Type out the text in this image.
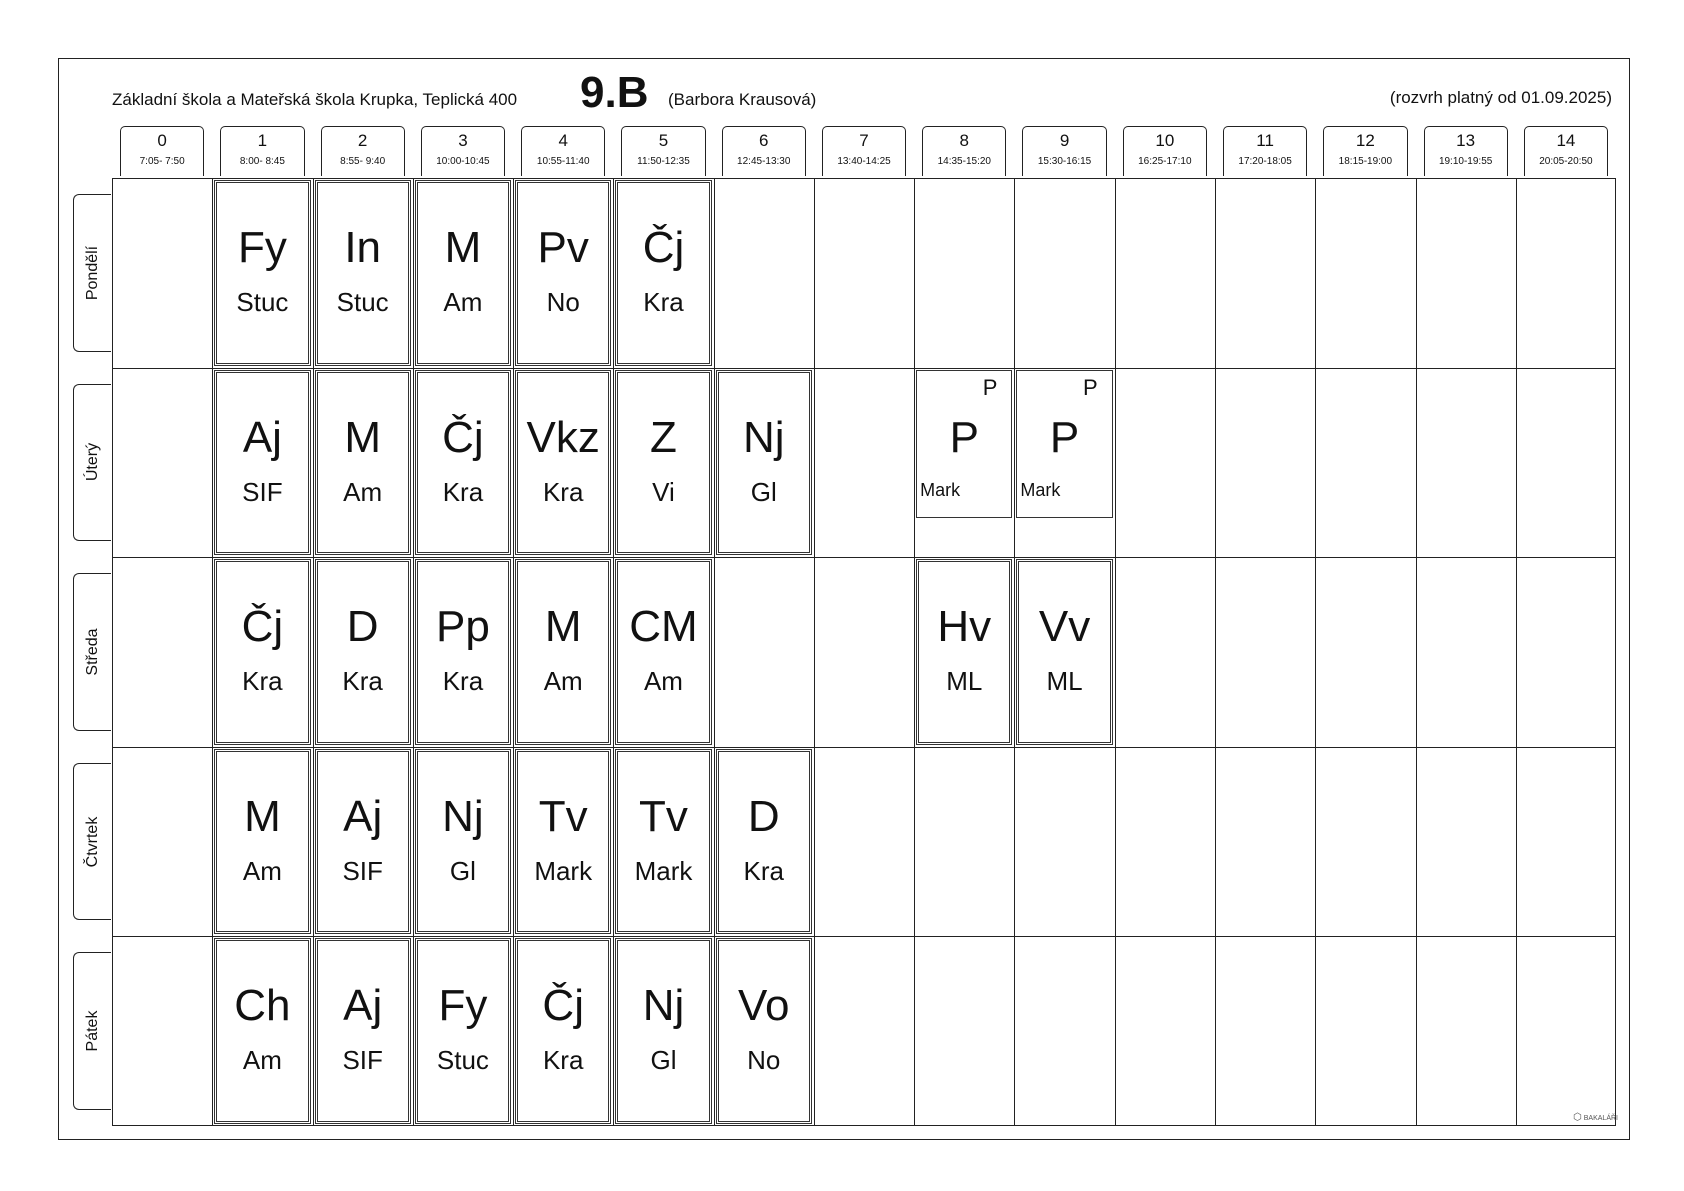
Základní škola a Mateřská škola Krupka, Teplická 400 9.B (Barbora Krausová)	(rozvrh platný od 01.09.2025)
0
7:05- 7:50
1
8:00- 8:45
2
8:55- 9:40
3
10:00-10:45
4
10:55-11:40
5
11:50-12:35
6
12:45-13:30
7
13:40-14:25
8
14:35-15:20
9
15:30-16:15
10
16:25-17:10
11
17:20-18:05
12
18:15-19:00
13
19:10-19:55
14
20:05-20:50
Pondělí
Úterý
Středa
Čtvrtek
Pátek
Fy
Stuc
In
Stuc
M
Am
Pv
No
Čj
Kra
Aj
SIF
M
Am
Čj
Kra
Vkz
Kra
Z
Vi
Nj
Gl
P
P
Mark
P
P
Mark
Čj
Kra
D
Kra
Pp
Kra
M
Am
CM
Am
Hv
ML
Vv
ML
M
Am
Aj
SIF
Nj
Gl
Tv
Mark
Tv
Mark
D
Kra
Ch
Am
Aj
SIF
Fy
Stuc
Čj
Kra
Nj
Gl
Vo
No
⬡ BAKALÁŘI
